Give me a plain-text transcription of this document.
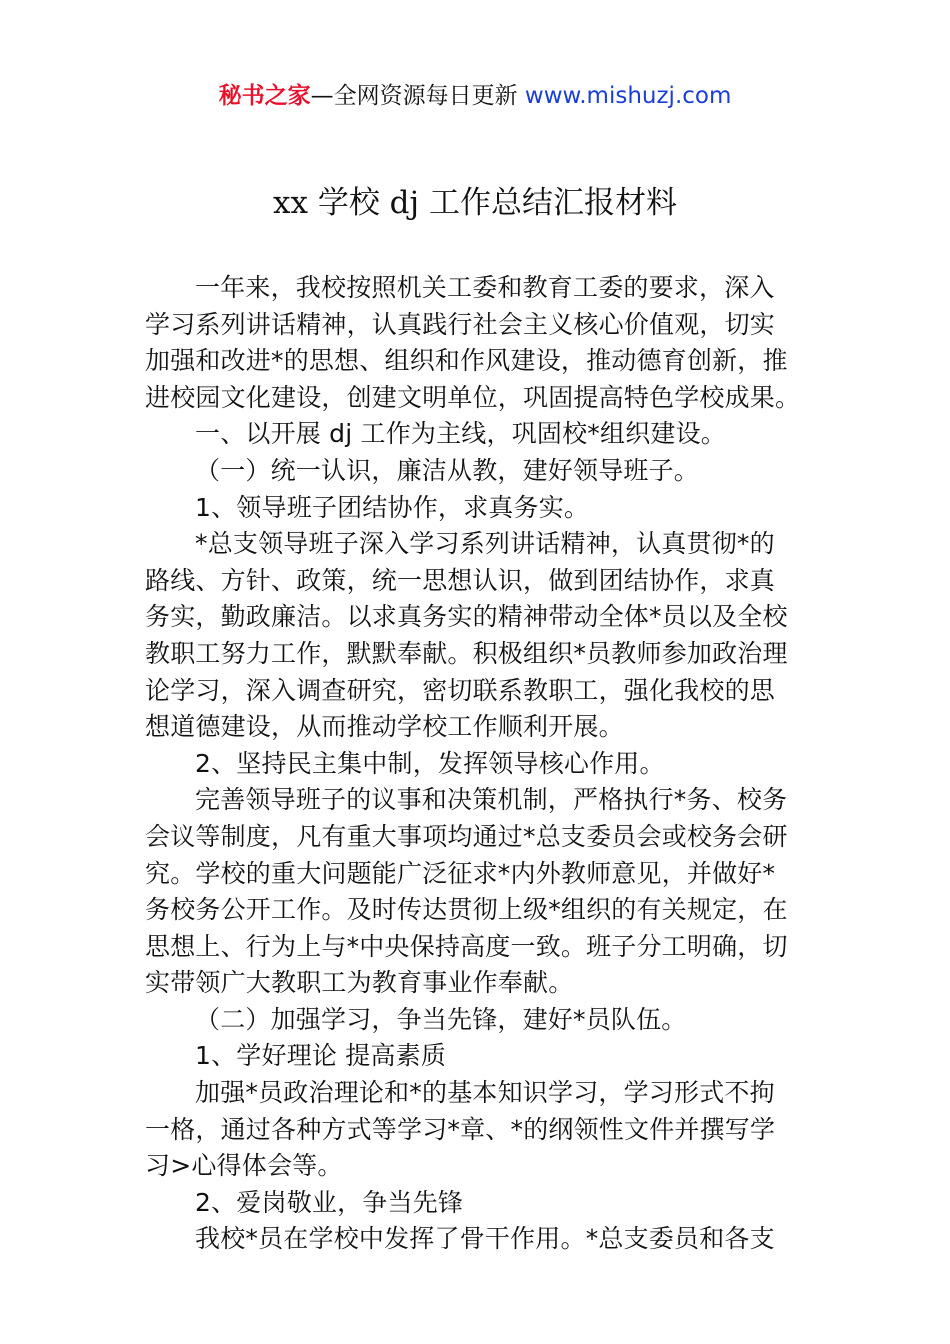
秘书之家—全网资源每日更新 www.mishuzj.com
xx 学校 dj 工作总结汇报材料
一年来，我校按照机关工委和教育工委的要求，深入
学习系列讲话精神，认真践行社会主义核心价值观，切实
加强和改进*的思想、组织和作风建设，推动德育创新，推
进校园文化建设，创建文明单位，巩固提高特色学校成果。
一、以开展 dj 工作为主线，巩固校*组织建设。
（一）统一认识，廉洁从教，建好领导班子。
1、领导班子团结协作，求真务实。
*总支领导班子深入学习系列讲话精神，认真贯彻*的
路线、方针、政策，统一思想认识，做到团结协作，求真
务实，勤政廉洁。以求真务实的精神带动全体*员以及全校
教职工努力工作，默默奉献。积极组织*员教师参加政治理
论学习，深入调查研究，密切联系教职工，强化我校的思
想道德建设，从而推动学校工作顺利开展。
2、坚持民主集中制，发挥领导核心作用。
完善领导班子的议事和决策机制，严格执行*务、校务
会议等制度，凡有重大事项均通过*总支委员会或校务会研
究。学校的重大问题能广泛征求*内外教师意见，并做好*
务校务公开工作。及时传达贯彻上级*组织的有关规定，在
思想上、行为上与*中央保持高度一致。班子分工明确，切
实带领广大教职工为教育事业作奉献。
（二）加强学习，争当先锋，建好*员队伍。
1、学好理论 提高素质
加强*员政治理论和*的基本知识学习，学习形式不拘
一格，通过各种方式等学习*章、*的纲领性文件并撰写学
习>心得体会等。
2、爱岗敬业，争当先锋
我校*员在学校中发挥了骨干作用。*总支委员和各支
